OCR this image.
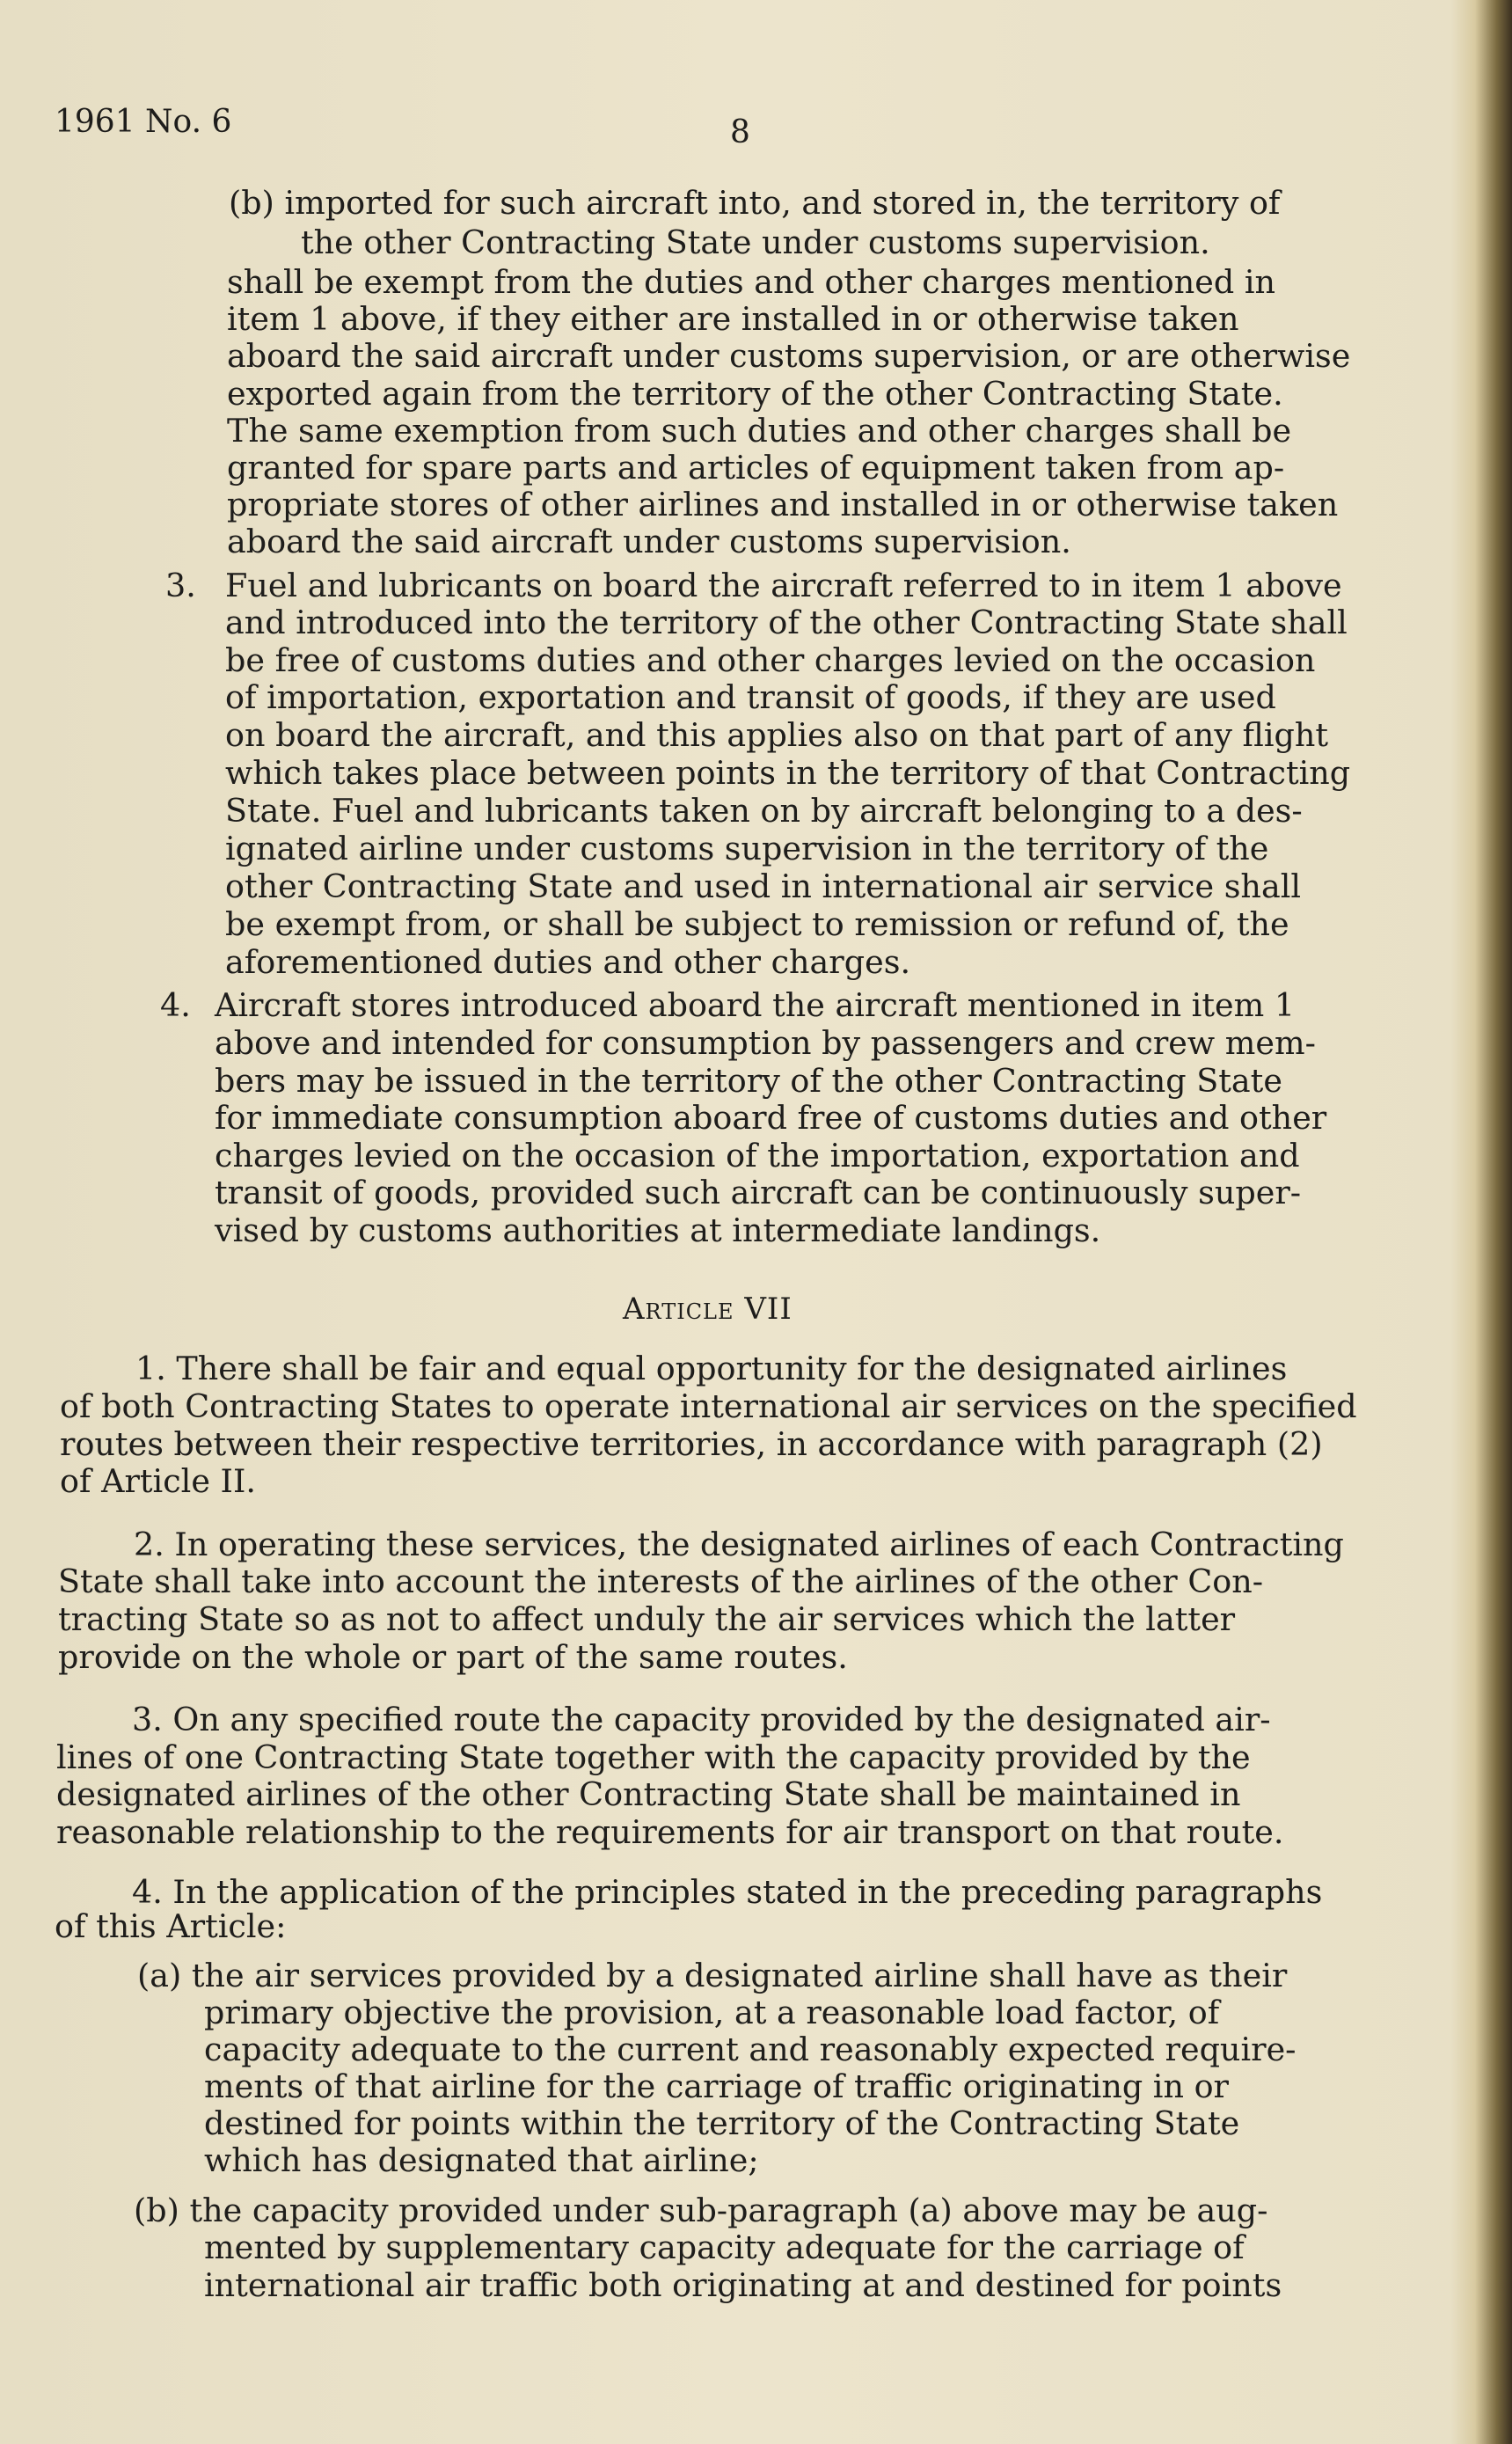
1961 No. 6	8
(b) imported for such aircraft into, and stored in, the territory of
the other Contracting State under customs supervision.
shall be exempt from the duties and other charges mentioned in
item 1 above, if they either are installed in or otherwise taken
aboard the said aircraft under customs supervision, or are otherwise
exported again from the territory of the other Contracting State.
The same exemption from such duties and other charges shall be
granted for spare parts and articles of equipment taken from ap-
propriate stores of other airlines and installed in or otherwise taken
aboard the said aircraft under customs supervision.
3. Fuel and lubricants on board the aircraft referred to in item 1 above
and introduced into the territory of the other Contracting State shall
be free of customs duties and other charges levied on the occasion
of importation, exportation and transit of goods, if they are used
on board the aircraft, and this applies also on that part of any flight
which takes place between points in the territory of that Contracting
State. Fuel and lubricants taken on by aircraft belonging to a des-
ignated airline under customs supervision in the territory of the
other Contracting State and used in international air service shall
be exempt from, or shall be subject to remission or refund of, the
aforementioned duties and other charges.
4. Aircraft stores introduced aboard the aircraft mentioned in item 1
above and intended for consumption by passengers and crew mem-
bers may be issued in the territory of the other Contracting State
for immediate consumption aboard free of customs duties and other
charges levied on the occasion of the importation, exportation and
transit of goods, provided such aircraft can be continuously super-
vised by customs authorities at intermediate landings.
Article VII
1. There shall be fair and equal opportunity for the designated airlines
of both Contracting States to operate international air services on the specified
routes between their respective territories, in accordance with paragraph (2)
of Article II.
2. In operating these services, the designated airlines of each Contracting
State shall take into account the interests of the airlines of the other Con-
tracting State so as not to affect unduly the air services which the latter
provide on the whole or part of the same routes.
3. On any specified route the capacity provided by the designated air-
lines of one Contracting State together with the capacity provided by the
designated airlines of the other Contracting State shall be maintained in
reasonable relationship to the requirements for air transport on that route.
4. In the application of the principles stated in the preceding paragraphs
of this Article:
(a) the air services provided by a designated airline shall have as their
primary objective the provision, at a reasonable load factor, of
capacity adequate to the current and reasonably expected require-
ments of that airline for the carriage of traffic originating in or
destined for points within the territory of the Contracting State
which has designated that airline;
(b) the capacity provided under sub-paragraph (a) above may be aug-
mented by supplementary capacity adequate for the carriage of
international air traffic both originating at and destined for points
